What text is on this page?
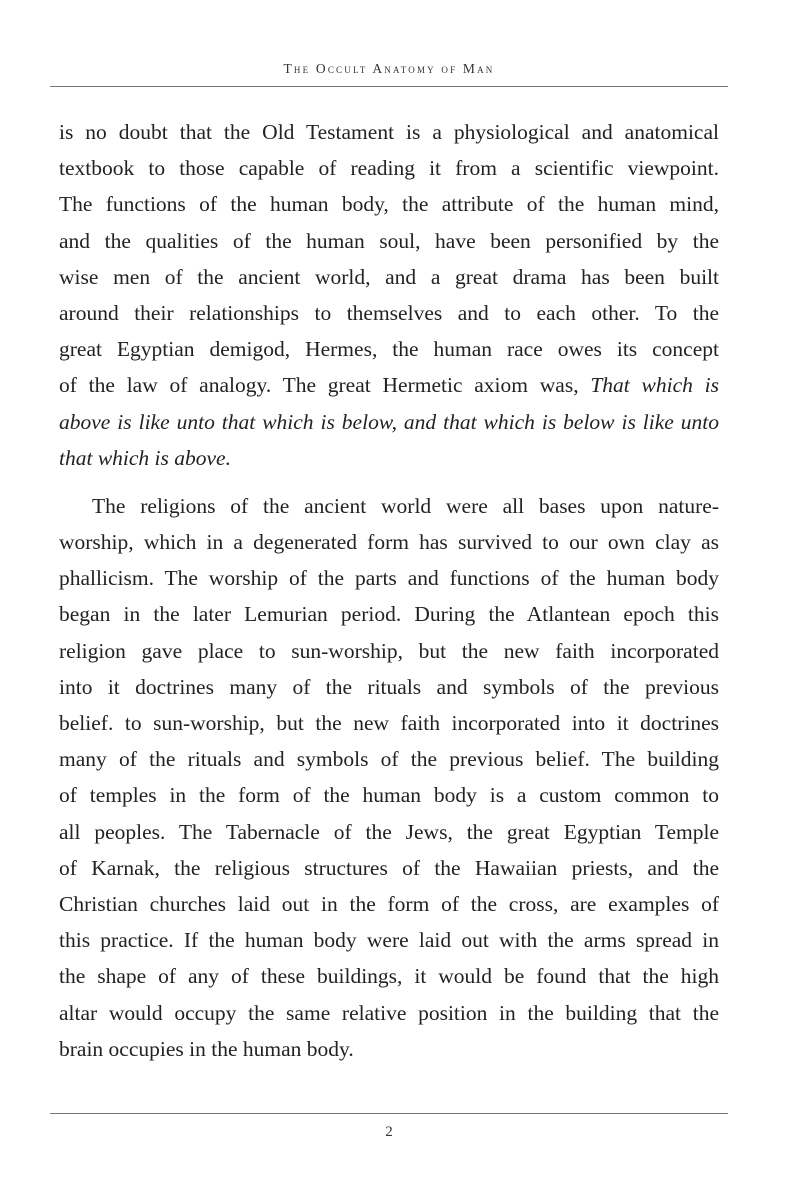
The Occult Anatomy of Man
is no doubt that the Old Testament is a physiological and anatomical
textbook to those capable of reading it from a scientific viewpoint.
The functions of the human body, the attribute of the human mind,
and the qualities of the human soul, have been personified by the
wise men of the ancient world, and a great drama has been built
around their relationships to themselves and to each other. To the
great Egyptian demigod, Hermes, the human race owes its concept
of the law of analogy. The great Hermetic axiom was, That which is
above is like unto that which is below, and that which is below is like unto
that which is above.
The religions of the ancient world were all bases upon nature-
worship, which in a degenerated form has survived to our own clay as
phallicism. The worship of the parts and functions of the human body
began in the later Lemurian period. During the Atlantean epoch this
religion gave place to sun-worship, but the new faith incorporated
into it doctrines many of the rituals and symbols of the previous
belief. to sun-worship, but the new faith incorporated into it doctrines
many of the rituals and symbols of the previous belief. The building
of temples in the form of the human body is a custom common to
all peoples. The Tabernacle of the Jews, the great Egyptian Temple
of Karnak, the religious structures of the Hawaiian priests, and the
Christian churches laid out in the form of the cross, are examples of
this practice. If the human body were laid out with the arms spread in
the shape of any of these buildings, it would be found that the high
altar would occupy the same relative position in the building that the
brain occupies in the human body.
2
